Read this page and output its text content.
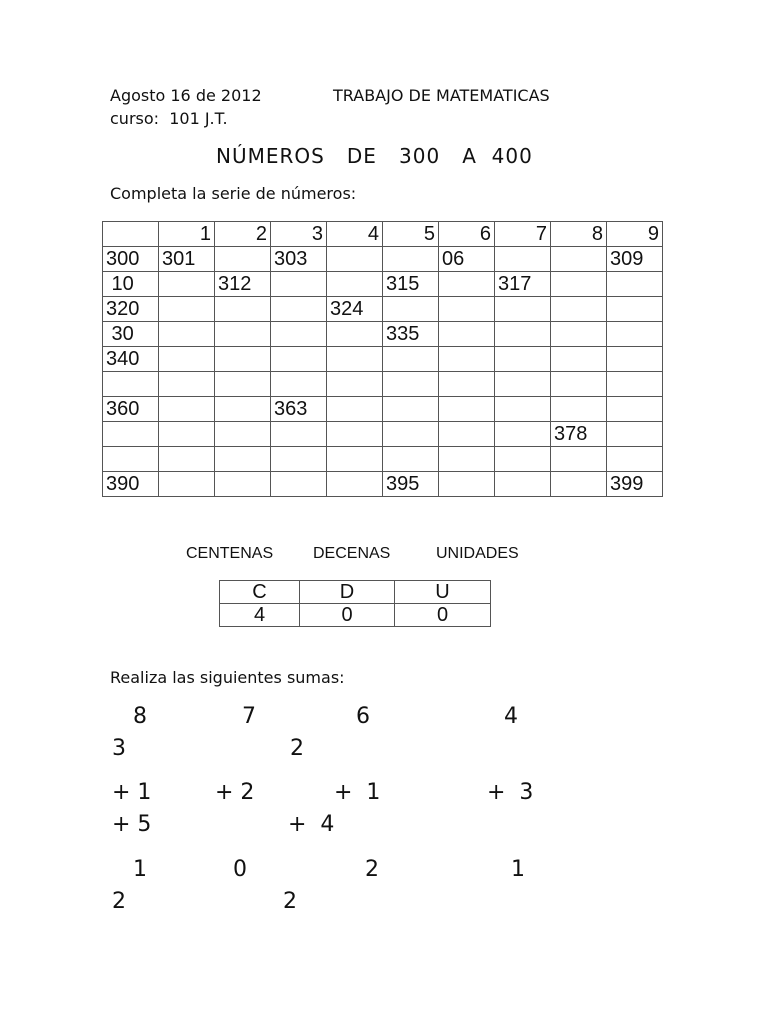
Agosto 16 de 2012	TRABAJO DE MATEMATICAS
curso:  101 J.T.
NÚMEROS   DE   300   A  400
Completa la serie de números:
	1	2	3	4	5	6	7	8	9
300	301		303			06			309
10		312			315		317		
320				324					
30					335				
340									

360			363						
								378	

390					395				399
CENTENAS DECENAS	UNIDADES
C	D	U
4	0	0
Realiza las siguientes sumas:
8	7	6	4
3	2
+ 1	+ 2	+  1	+  3
+ 5	+  4
1	0	2	1
2	2
